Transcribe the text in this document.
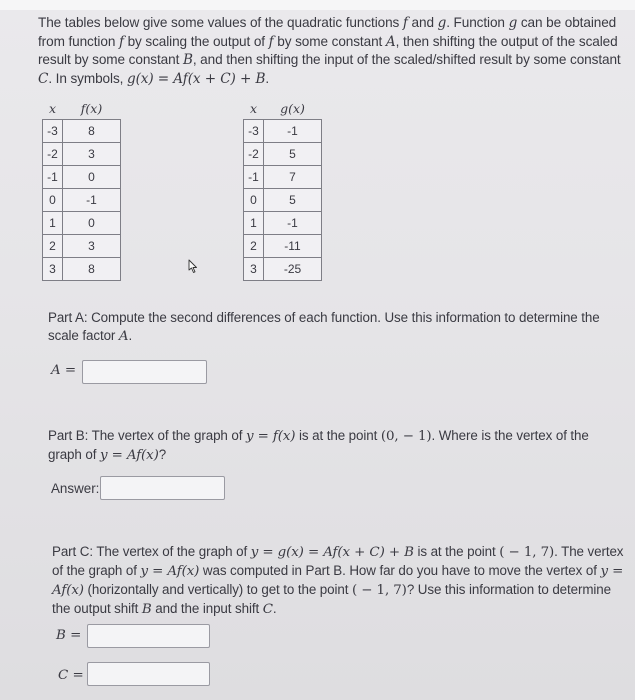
The tables below give some values of the quadratic functions f and g. Function g can be obtained from function f by scaling the output of f by some constant A, then shifting the output of the scaled result by some constant B, and then shifting the input of the scaled/shifted result by some constant C. In symbols, g(x) = Af(x + C) + B.
x	f(x)
-3	8
-2	3
-1	0
0	-1
1	0
2	3
3	8
x	g(x)
-3	-1
-2	5
-1	7
0	5
1	-1
2	-11
3	-25
Part A: Compute the second differences of each function. Use this information to determine the scale factor A.
A =
Part B: The vertex of the graph of y = f(x) is at the point (0, − 1). Where is the vertex of the graph of y = Af(x)?
Answer:
Part C: The vertex of the graph of y = g(x) = Af(x + C) + B is at the point ( − 1, 7). The vertex of the graph of y = Af(x) was computed in Part B. How far do you have to move the vertex of y = Af(x) (horizontally and vertically) to get to the point ( − 1, 7)? Use this information to determine the output shift B and the input shift C.
B =
C =
